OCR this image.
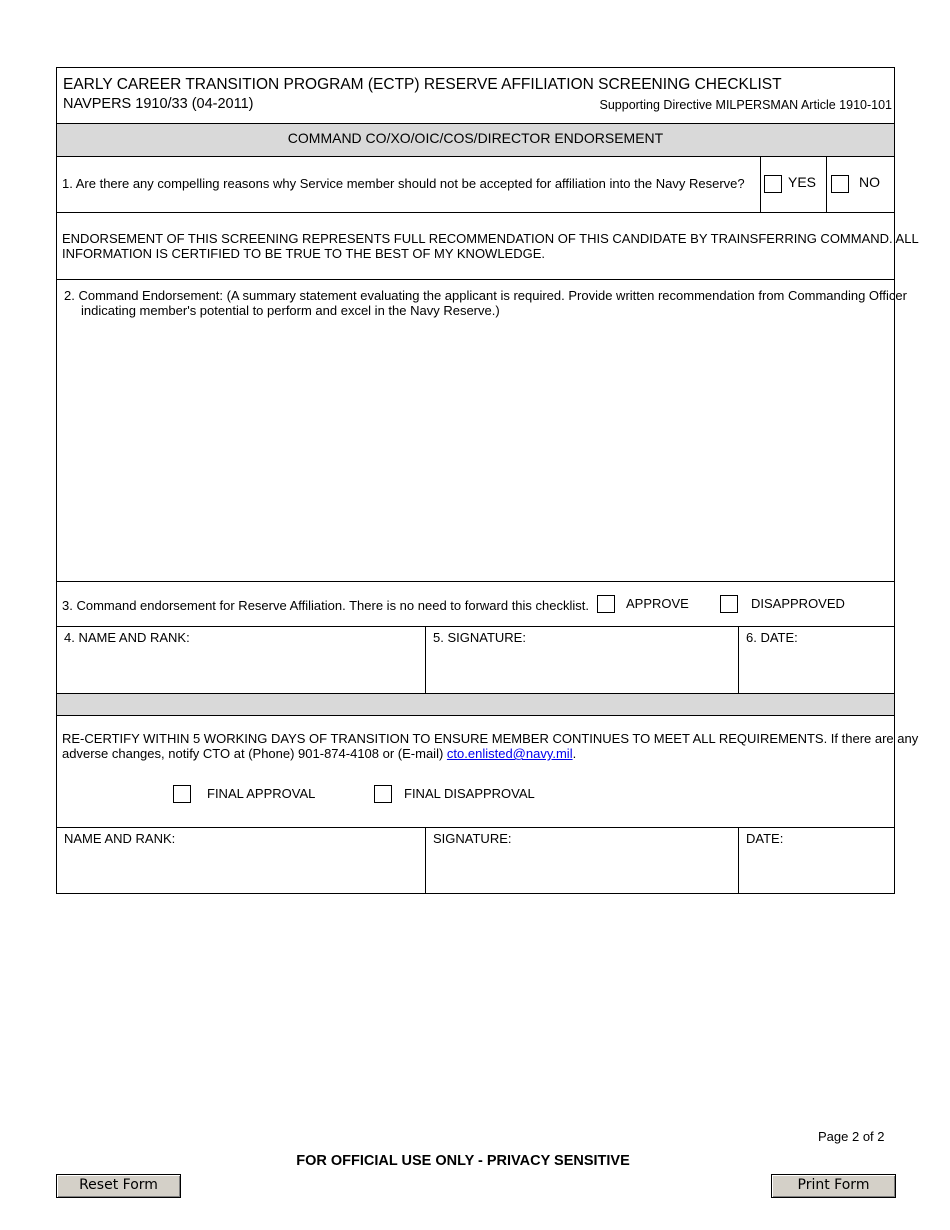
EARLY CAREER TRANSITION PROGRAM (ECTP) RESERVE AFFILIATION SCREENING CHECKLIST
NAVPERS 1910/33 (04-2011)	Supporting Directive MILPERSMAN Article 1910-101
COMMAND CO/XO/OIC/COS/DIRECTOR ENDORSEMENT
1. Are there any compelling reasons why Service member should not be accepted for affiliation into the Navy Reserve?	YES	NO
ENDORSEMENT OF THIS SCREENING REPRESENTS FULL RECOMMENDATION OF THIS CANDIDATE BY TRAINSFERRING COMMAND. ALL
INFORMATION IS CERTIFIED TO BE TRUE TO THE BEST OF MY KNOWLEDGE.
2. Command Endorsement: (A summary statement evaluating the applicant is required. Provide written recommendation from Commanding Officer
indicating member's potential to perform and excel in the Navy Reserve.)
3. Command endorsement for Reserve Affiliation. There is no need to forward this checklist.	APPROVE	DISAPPROVED
4. NAME AND RANK:	5. SIGNATURE:	6. DATE:
RE-CERTIFY WITHIN 5 WORKING DAYS OF TRANSITION TO ENSURE MEMBER CONTINUES TO MEET ALL REQUIREMENTS. If there are any
adverse changes, notify CTO at (Phone) 901-874-4108 or (E-mail) cto.enlisted@navy.mil.
FINAL APPROVAL	FINAL DISAPPROVAL
NAME AND RANK:	SIGNATURE:	DATE:
Page 2 of 2
FOR OFFICIAL USE ONLY - PRIVACY SENSITIVE
Reset Form	Print Form
